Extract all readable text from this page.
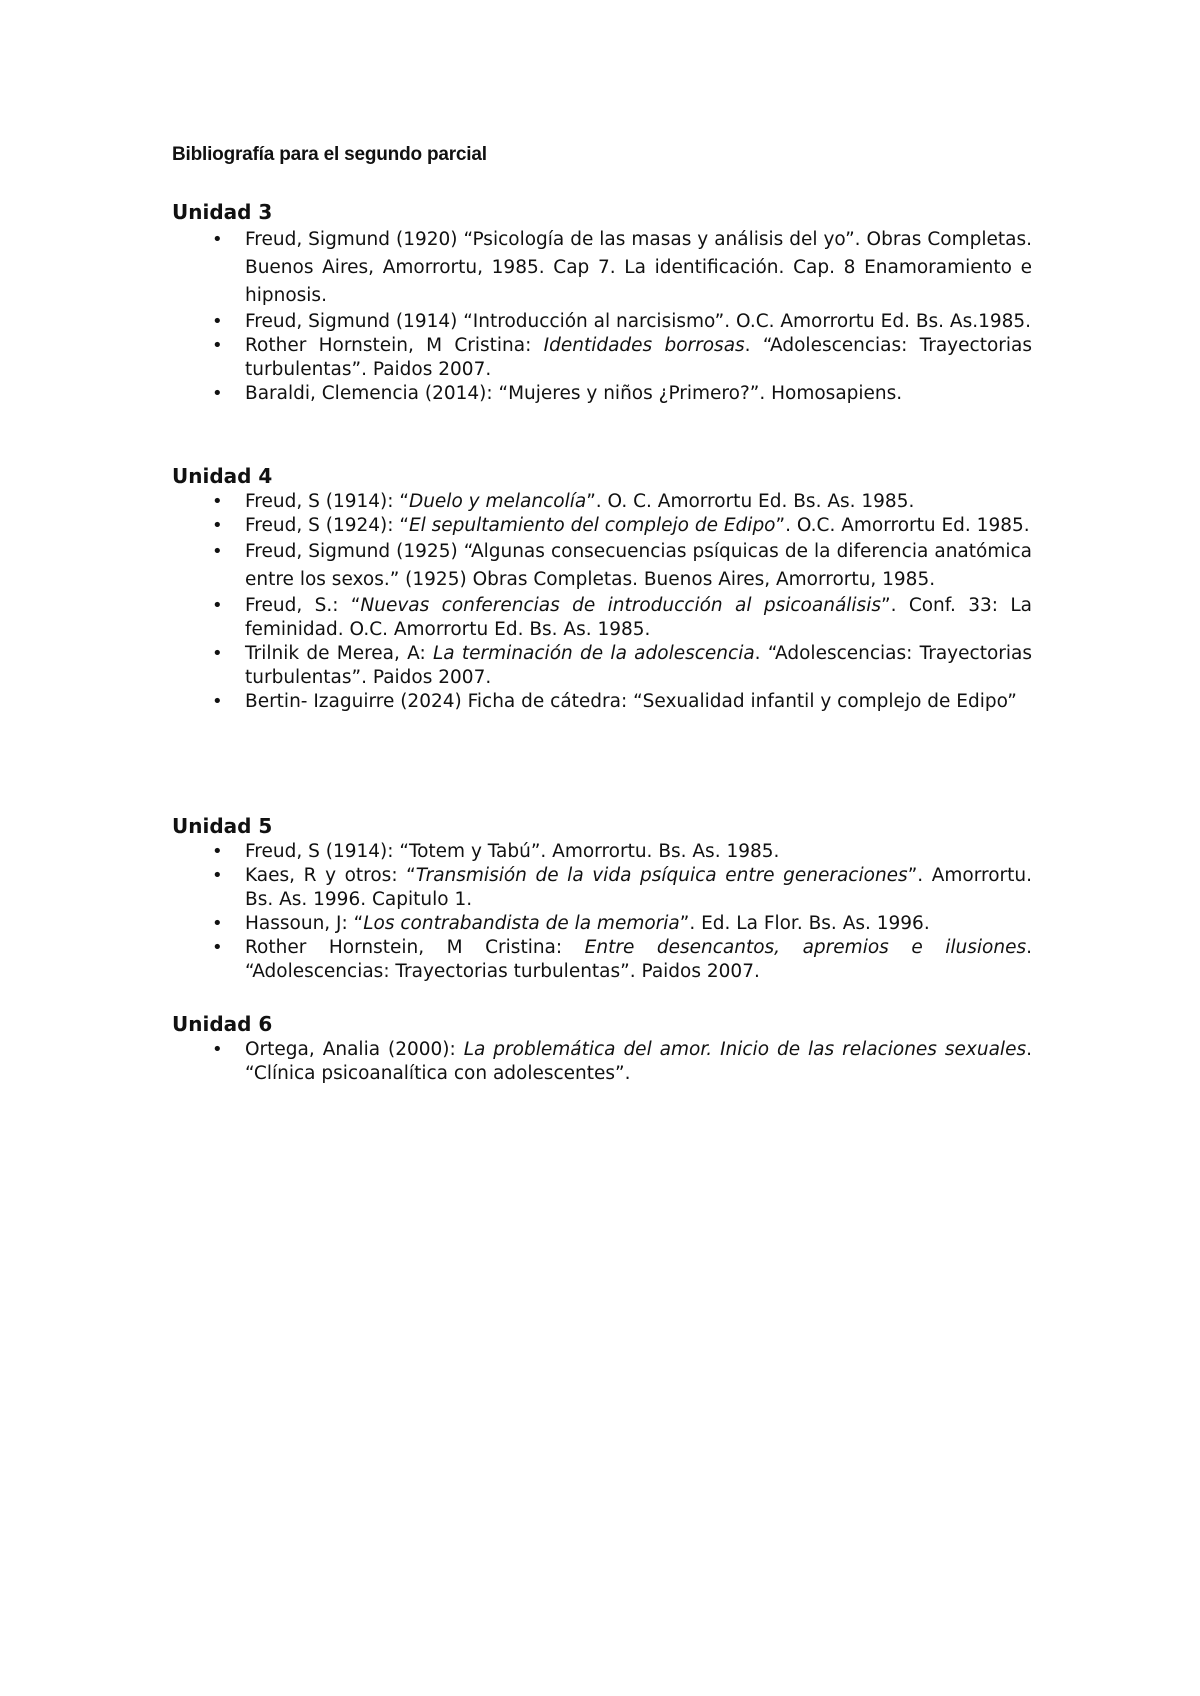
Bibliografía para el segundo parcial
Unidad 3
• Freud, Sigmund (1920) “Psicología de las masas y análisis del yo”. Obras Completas. Buenos Aires, Amorrortu, 1985. Cap 7. La identificación. Cap. 8 Enamoramiento e hipnosis.
• Freud, Sigmund (1914) “Introducción al narcisismo”. O.C. Amorrortu Ed. Bs. As.1985.
• Rother Hornstein, M Cristina: Identidades borrosas. “Adolescencias: Trayectorias turbulentas”. Paidos 2007.
• Baraldi, Clemencia (2014): “Mujeres y niños ¿Primero?”. Homosapiens.
Unidad 4
• Freud, S (1914): “Duelo y melancolía”. O. C. Amorrortu Ed. Bs. As. 1985.
• Freud, S (1924): “El sepultamiento del complejo de Edipo”. O.C. Amorrortu Ed. 1985.
• Freud, Sigmund (1925) “Algunas consecuencias psíquicas de la diferencia anatómica entre los sexos.” (1925) Obras Completas. Buenos Aires, Amorrortu, 1985.
• Freud, S.: “Nuevas conferencias de introducción al psicoanálisis”. Conf. 33: La feminidad. O.C. Amorrortu Ed. Bs. As. 1985.
• Trilnik de Merea, A: La terminación de la adolescencia. “Adolescencias: Trayectorias turbulentas”. Paidos 2007.
• Bertin- Izaguirre (2024) Ficha de cátedra: “Sexualidad infantil y complejo de Edipo”
Unidad 5
• Freud, S (1914): “Totem y Tabú”. Amorrortu. Bs. As. 1985.
• Kaes, R y otros: “Transmisión de la vida psíquica entre generaciones”. Amorrortu. Bs. As. 1996. Capitulo 1.
• Hassoun, J: “Los contrabandista de la memoria”. Ed. La Flor. Bs. As. 1996.
• Rother Hornstein, M Cristina: Entre desencantos, apremios e ilusiones. “Adolescencias: Trayectorias turbulentas”. Paidos 2007.
Unidad 6
• Ortega, Analia (2000): La problemática del amor. Inicio de las relaciones sexuales. “Clínica psicoanalítica con adolescentes”.
